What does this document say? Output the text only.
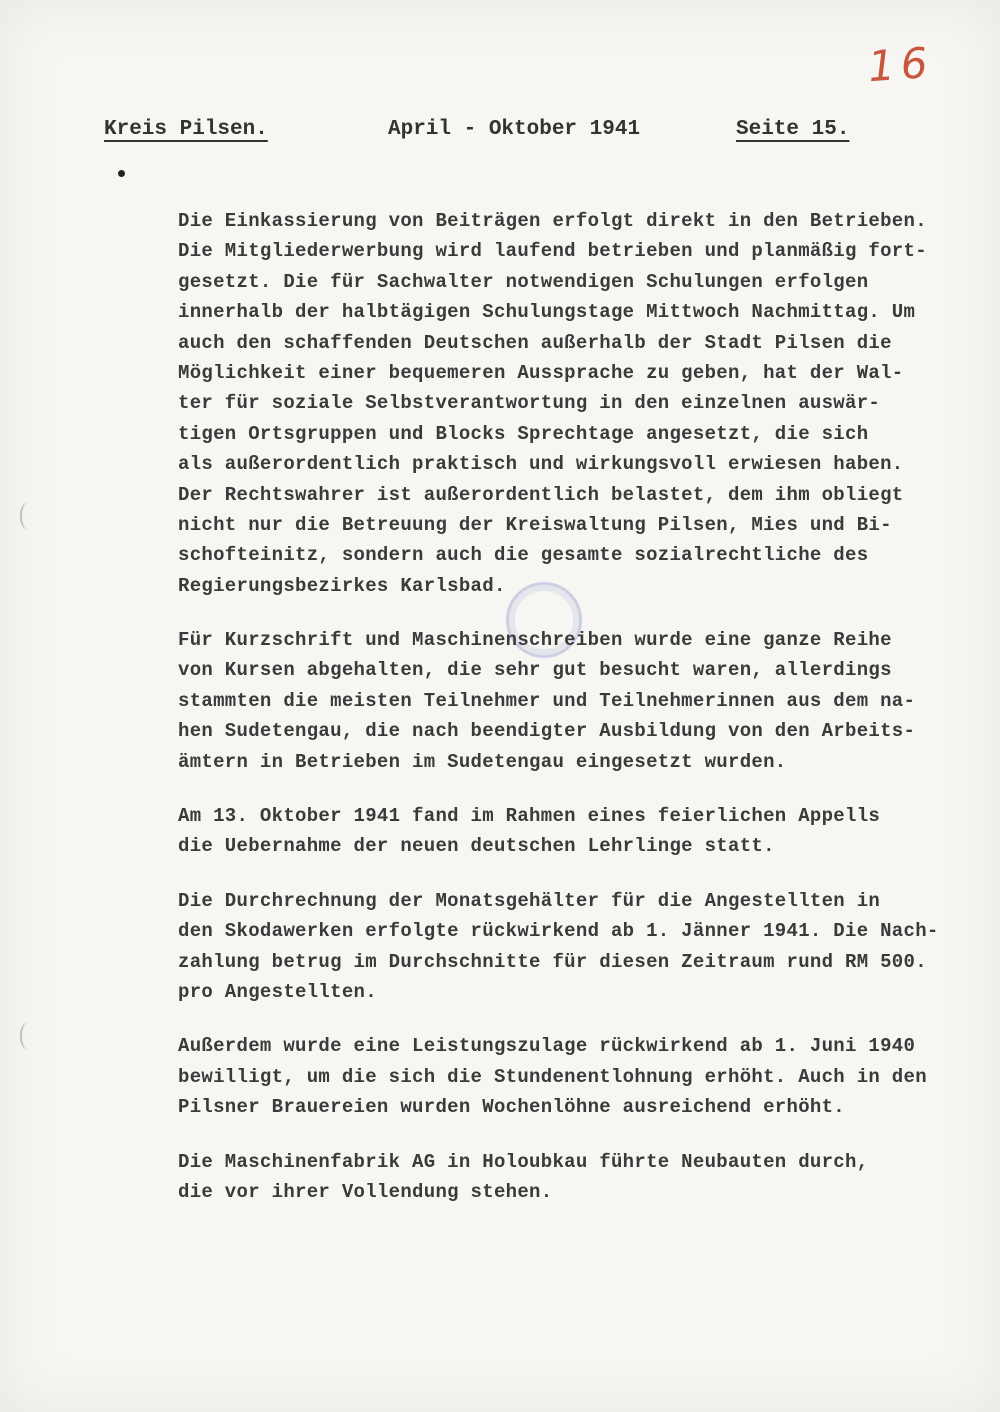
16
Kreis Pilsen.	April - Oktober 1941	Seite 15.
Die Einkassierung von Beiträgen erfolgt direkt in den Betrieben.
Die Mitgliederwerbung wird laufend betrieben und planmäßig fort-
gesetzt. Die für Sachwalter notwendigen Schulungen erfolgen
innerhalb der halbtägigen Schulungstage Mittwoch Nachmittag. Um
auch den schaffenden Deutschen außerhalb der Stadt Pilsen die
Möglichkeit einer bequemeren Aussprache zu geben, hat der Wal-
ter für soziale Selbstverantwortung in den einzelnen auswär-
tigen Ortsgruppen und Blocks Sprechtage angesetzt, die sich
als außerordentlich praktisch und wirkungsvoll erwiesen haben.
Der Rechtswahrer ist außerordentlich belastet, dem ihm obliegt
nicht nur die Betreuung der Kreiswaltung Pilsen, Mies und Bi-
schofteinitz, sondern auch die gesamte sozialrechtliche des
Regierungsbezirkes Karlsbad.
Für Kurzschrift und Maschinenschreiben wurde eine ganze Reihe
von Kursen abgehalten, die sehr gut besucht waren, allerdings
stammten die meisten Teilnehmer und Teilnehmerinnen aus dem na-
hen Sudetengau, die nach beendigter Ausbildung von den Arbeits-
ämtern in Betrieben im Sudetengau eingesetzt wurden.
Am 13. Oktober 1941 fand im Rahmen eines feierlichen Appells
die Uebernahme der neuen deutschen Lehrlinge statt.
Die Durchrechnung der Monatsgehälter für die Angestellten in
den Skodawerken erfolgte rückwirkend ab 1. Jänner 1941. Die Nach-
zahlung betrug im Durchschnitte für diesen Zeitraum rund RM 500.
pro Angestellten.
Außerdem wurde eine Leistungszulage rückwirkend ab 1. Juni 1940
bewilligt, um die sich die Stundenentlohnung erhöht. Auch in den
Pilsner Brauereien wurden Wochenlöhne ausreichend erhöht.
Die Maschinenfabrik AG in Holoubkau führte Neubauten durch,
die vor ihrer Vollendung stehen.
